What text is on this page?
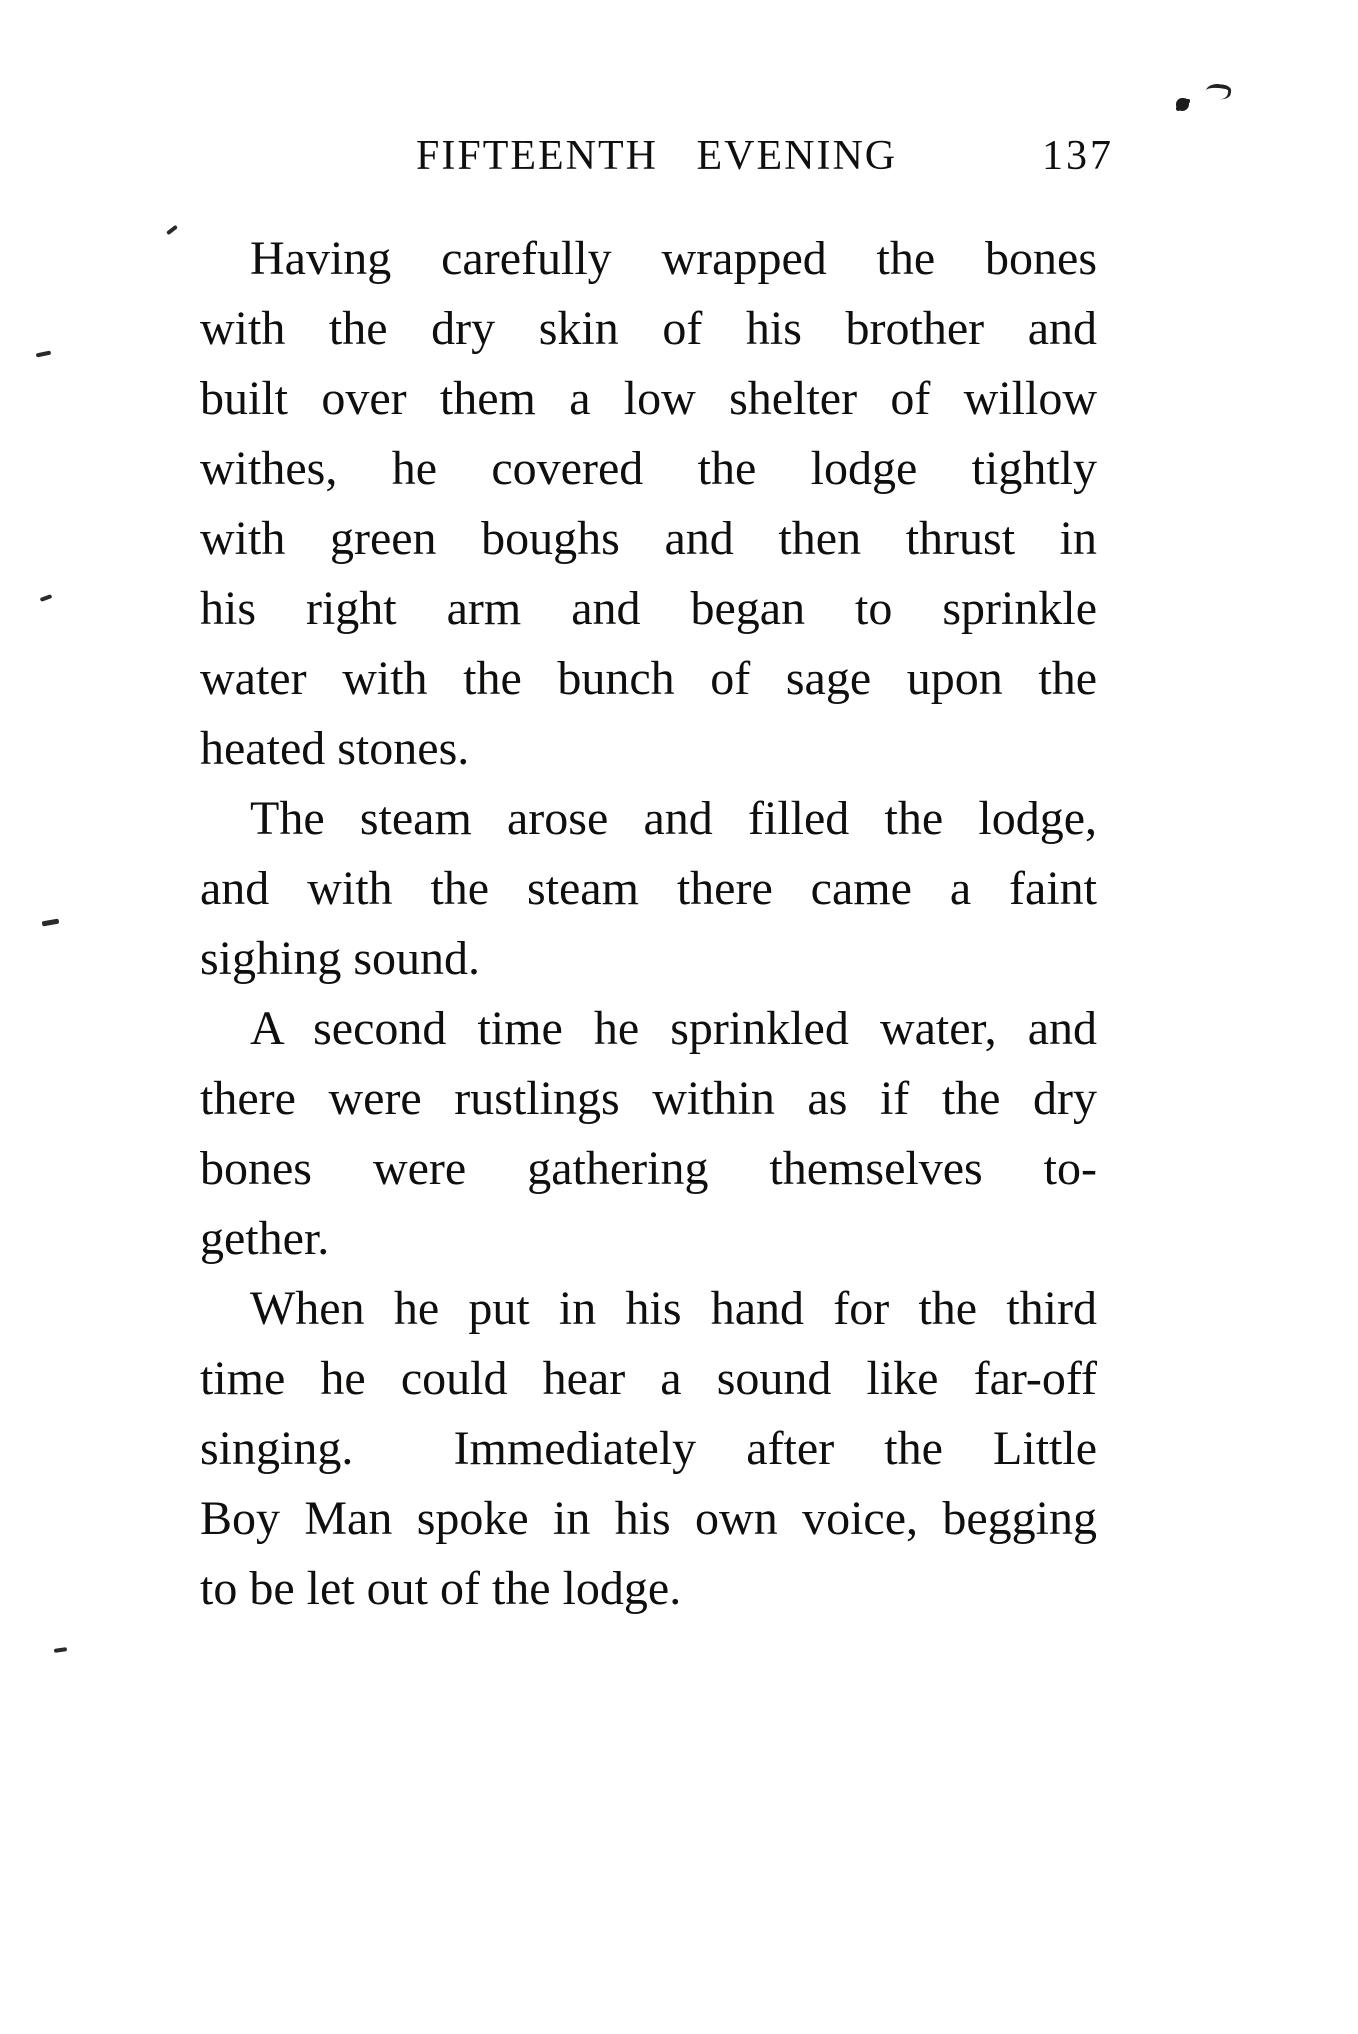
FIFTEENTH EVENING	137
Having carefully wrapped the bones
with the dry skin of his brother and
built over them a low shelter of willow
withes, he covered the lodge tightly
with green boughs and then thrust in
his right arm and began to sprinkle
water with the bunch of sage upon the
heated stones.
The steam arose and filled the lodge,
and with the steam there came a faint
sighing sound.
A second time he sprinkled water, and
there were rustlings within as if the dry
bones were gathering themselves to-
gether.
When he put in his hand for the third
time he could hear a sound like far-off
singing.  Immediately after the Little
Boy Man spoke in his own voice, begging
to be let out of the lodge.
